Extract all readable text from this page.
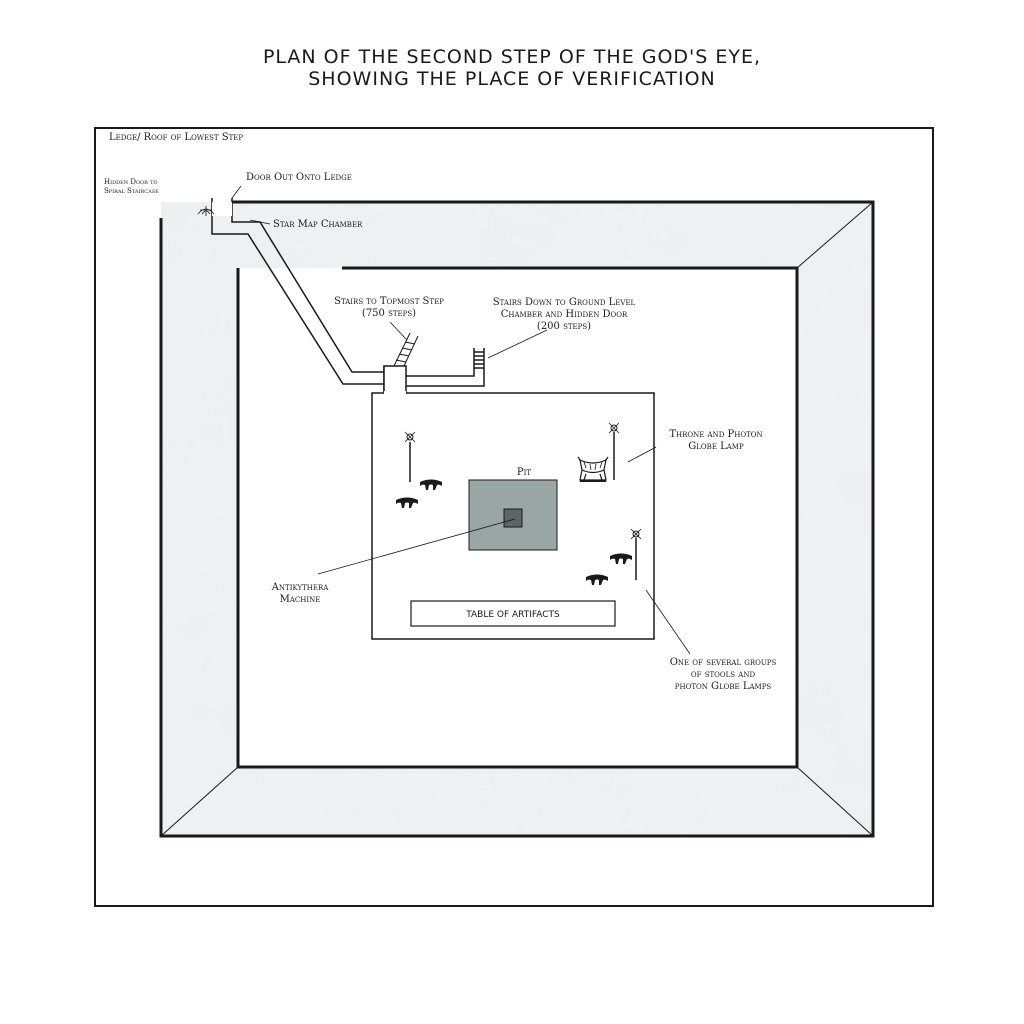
PLAN OF THE SECOND STEP OF THE GOD'S EYE,
SHOWING THE PLACE OF VERIFICATION
Ledge/ Roof of Lowest Step
Hidden Door to
Spiral Staircase
Door Out Onto Ledge
Star Map Chamber
Stairs to Topmost Step
(750 steps)
Stairs Down to Ground Level
Chamber and Hidden Door
(200 steps)
Throne and Photon
Globe Lamp
Pit
Antikythera
Machine
TABLE OF ARTIFACTS
One of several groups
of stools and
photon Globe Lamps
